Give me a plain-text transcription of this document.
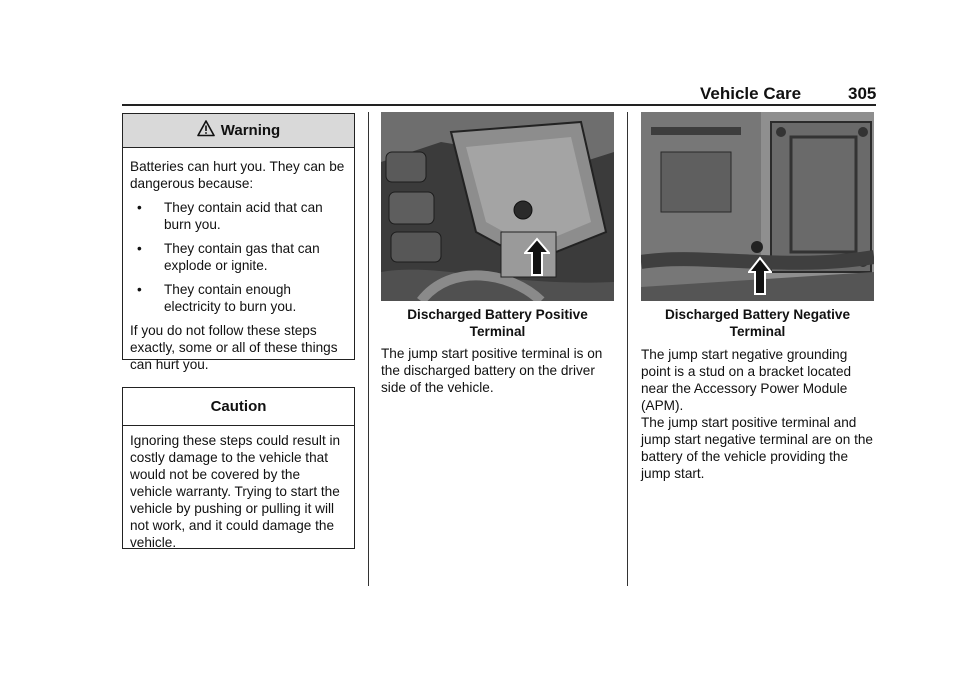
Vehicle Care	305
Warning

Batteries can hurt you. They can be dangerous because:

•	They contain acid that can burn you.
•	They contain gas that can explode or ignite.
•	They contain enough electricity to burn you.

If you do not follow these steps exactly, some or all of these things can hurt you.

Caution

Ignoring these steps could result in costly damage to the vehicle that would not be covered by the vehicle warranty. Trying to start the vehicle by pushing or pulling it will not work, and it could damage the vehicle.

Discharged Battery Positive Terminal
The jump start positive terminal is on the discharged battery on the driver side of the vehicle.
Discharged Battery Negative Terminal
The jump start negative grounding point is a stud on a bracket located near the Accessory Power Module (APM).
The jump start positive terminal and jump start negative terminal are on the battery of the vehicle providing the jump start.
